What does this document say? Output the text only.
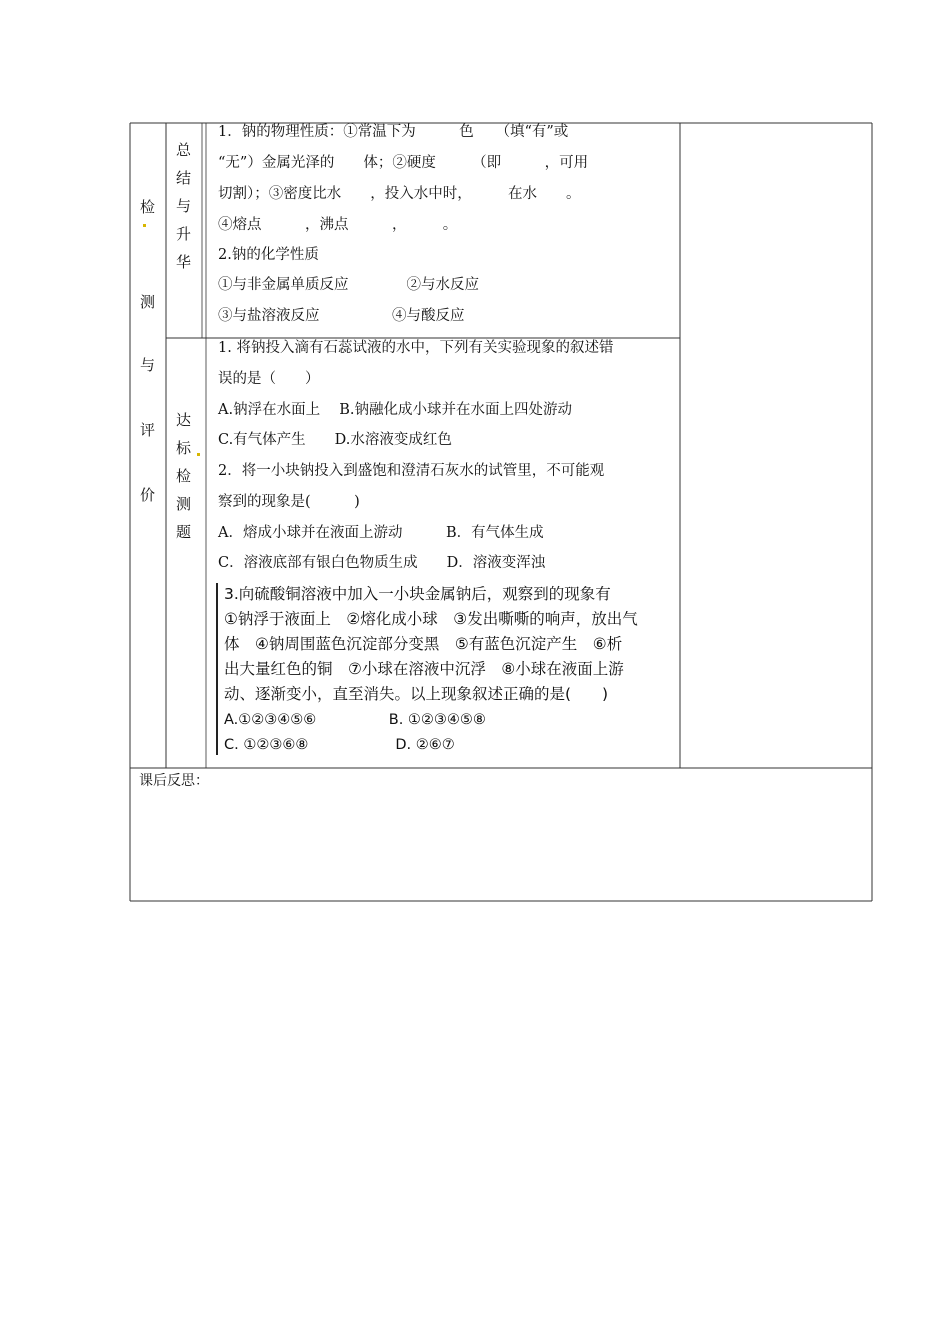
检
测
与
评
价
总
结
与
升
华
1．钠的物理性质：①常温下为　　　色　　（填“有”或
“无”）金属光泽的　　体；②硬度　　　（即　　　，可用
切割）；③密度比水　　，投入水中时，　　　在水　　。
④熔点　　　，沸点　　　，　　　。
2.钠的化学性质
①与非金属单质反应　　　　②与水反应
③与盐溶液反应　　　　　④与酸反应
达
标
检
测
题
1. 将钠投入滴有石蕊试液的水中，下列有关实验现象的叙述错
误的是（　　）
A.钠浮在水面上　 B.钠融化成小球并在水面上四处游动
C.有气体产生　　D.水溶液变成红色
2．将一小块钠投入到盛饱和澄清石灰水的试管里，不可能观
察到的现象是(　　　)
A．熔成小球并在液面上游动　　　B．有气体生成
C．溶液底部有银白色物质生成　　D．溶液变浑浊
3.向硫酸铜溶液中加入一小块金属钠后，观察到的现象有
①钠浮于液面上　②熔化成小球　③发出嘶嘶的响声，放出气
体　④钠周围蓝色沉淀部分变黑　⑤有蓝色沉淀产生　⑥析
出大量红色的铜　⑦小球在溶液中沉浮　⑧小球在液面上游
动、逐渐变小，直至消失。以上现象叙述正确的是(　　)
A.①②③④⑤⑥　　　　　B. ①②③④⑤⑧
C. ①②③⑥⑧　　　　　　D. ②⑥⑦
课后反思：
